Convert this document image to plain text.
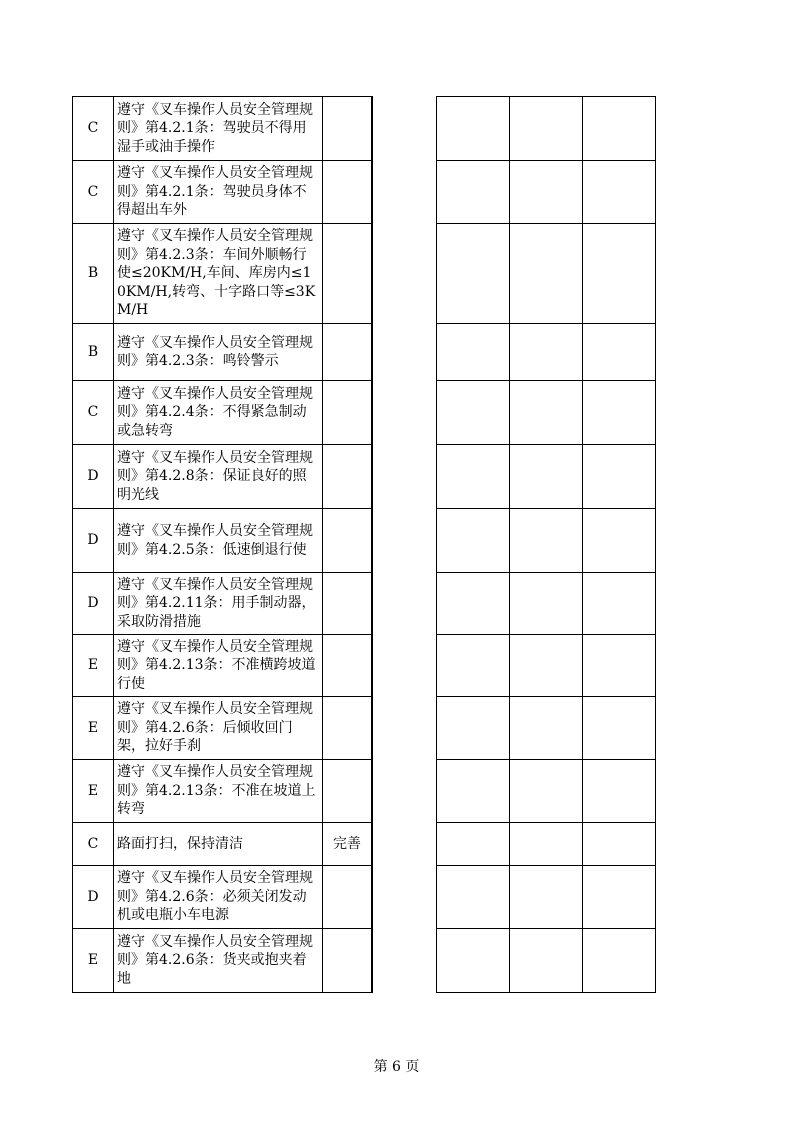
C	遵守《叉车操作人员安全管理规则》第4.2.1条：驾驶员不得用湿手或油手操作	
C	遵守《叉车操作人员安全管理规则》第4.2.1条：驾驶员身体不得超出车外	
B	遵守《叉车操作人员安全管理规则》第4.2.3条：车间外顺畅行使≤20KM/H,车间、库房内≤10KM/H,转弯、十字路口等≤3KM/H	
B	遵守《叉车操作人员安全管理规则》第4.2.3条：鸣铃警示	
C	遵守《叉车操作人员安全管理规则》第4.2.4条：不得紧急制动或急转弯	
D	遵守《叉车操作人员安全管理规则》第4.2.8条：保证良好的照明光线	
D	遵守《叉车操作人员安全管理规则》第4.2.5条：低速倒退行使	
D	遵守《叉车操作人员安全管理规则》第4.2.11条：用手制动器，采取防滑措施	
E	遵守《叉车操作人员安全管理规则》第4.2.13条：不准横跨坡道行使	
E	遵守《叉车操作人员安全管理规则》第4.2.6条：后倾收回门架，拉好手刹	
E	遵守《叉车操作人员安全管理规则》第4.2.13条：不准在坡道上转弯	
C	路面打扫，保持清洁	完善
D	遵守《叉车操作人员安全管理规则》第4.2.6条：必须关闭发动机或电瓶小车电源	
E	遵守《叉车操作人员安全管理规则》第4.2.6条：货夹或抱夹着地	

第 6 页
